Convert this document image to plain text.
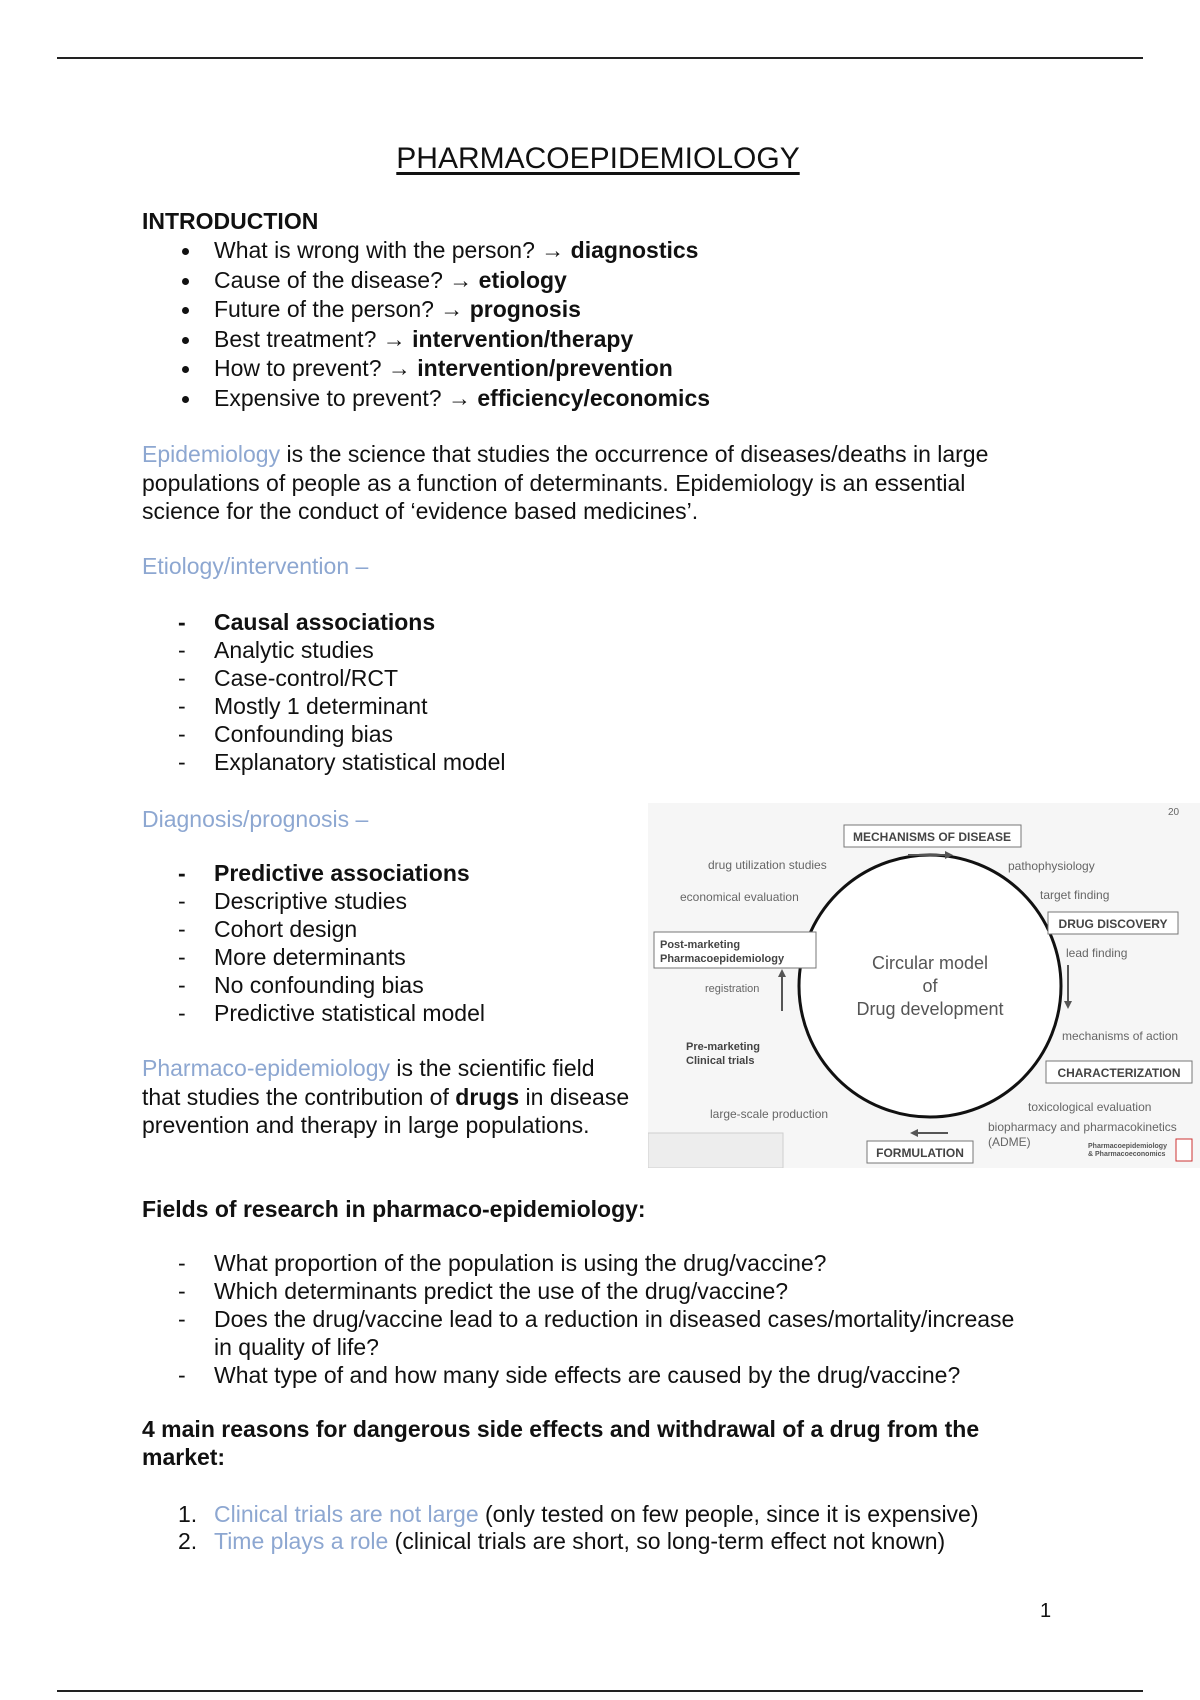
PHARMACOEPIDEMIOLOGY
INTRODUCTION
What is wrong with the person? → diagnostics
Cause of the disease? → etiology
Future of the person? → prognosis
Best treatment? → intervention/therapy
How to prevent? → intervention/prevention
Expensive to prevent? → efficiency/economics
Epidemiology is the science that studies the occurrence of diseases/deaths in large populations of people as a function of determinants. Epidemiology is an essential science for the conduct of ‘evidence based medicines’.
Etiology/intervention –
- Causal associations
- Analytic studies
- Case-control/RCT
- Mostly 1 determinant
- Confounding bias
- Explanatory statistical model
Diagnosis/prognosis –
- Predictive associations
- Descriptive studies
- Cohort design
- More determinants
- No confounding bias
- Predictive statistical model
Pharmaco-epidemiology is the scientific field that studies the contribution of drugs in disease prevention and therapy in large populations.
Fields of research in pharmaco-epidemiology:
- What proportion of the population is using the drug/vaccine?
- Which determinants predict the use of the drug/vaccine?
- Does the drug/vaccine lead to a reduction in diseased cases/mortality/increase
in quality of life?
- What type of and how many side effects are caused by the drug/vaccine?
4 main reasons for dangerous side effects and withdrawal of a drug from the
market:
1. Clinical trials are not large (only tested on few people, since it is expensive)
2. Time plays a role (clinical trials are short, so long-term effect not known)
20
Circular model
of
Drug development
MECHANISMS OF DISEASE
pathophysiology
target finding
DRUG DISCOVERY
lead finding
mechanisms of action
CHARACTERIZATION
toxicological evaluation
biopharmacy and pharmacokinetics
(ADME)	Pharmacoepidemiology
& Pharmacoeconomics
FORMULATION
drug utilization studies
economical evaluation
Post-marketing
Pharmacoepidemiology
registration
Pre-marketing
Clinical trials
large-scale production
1
